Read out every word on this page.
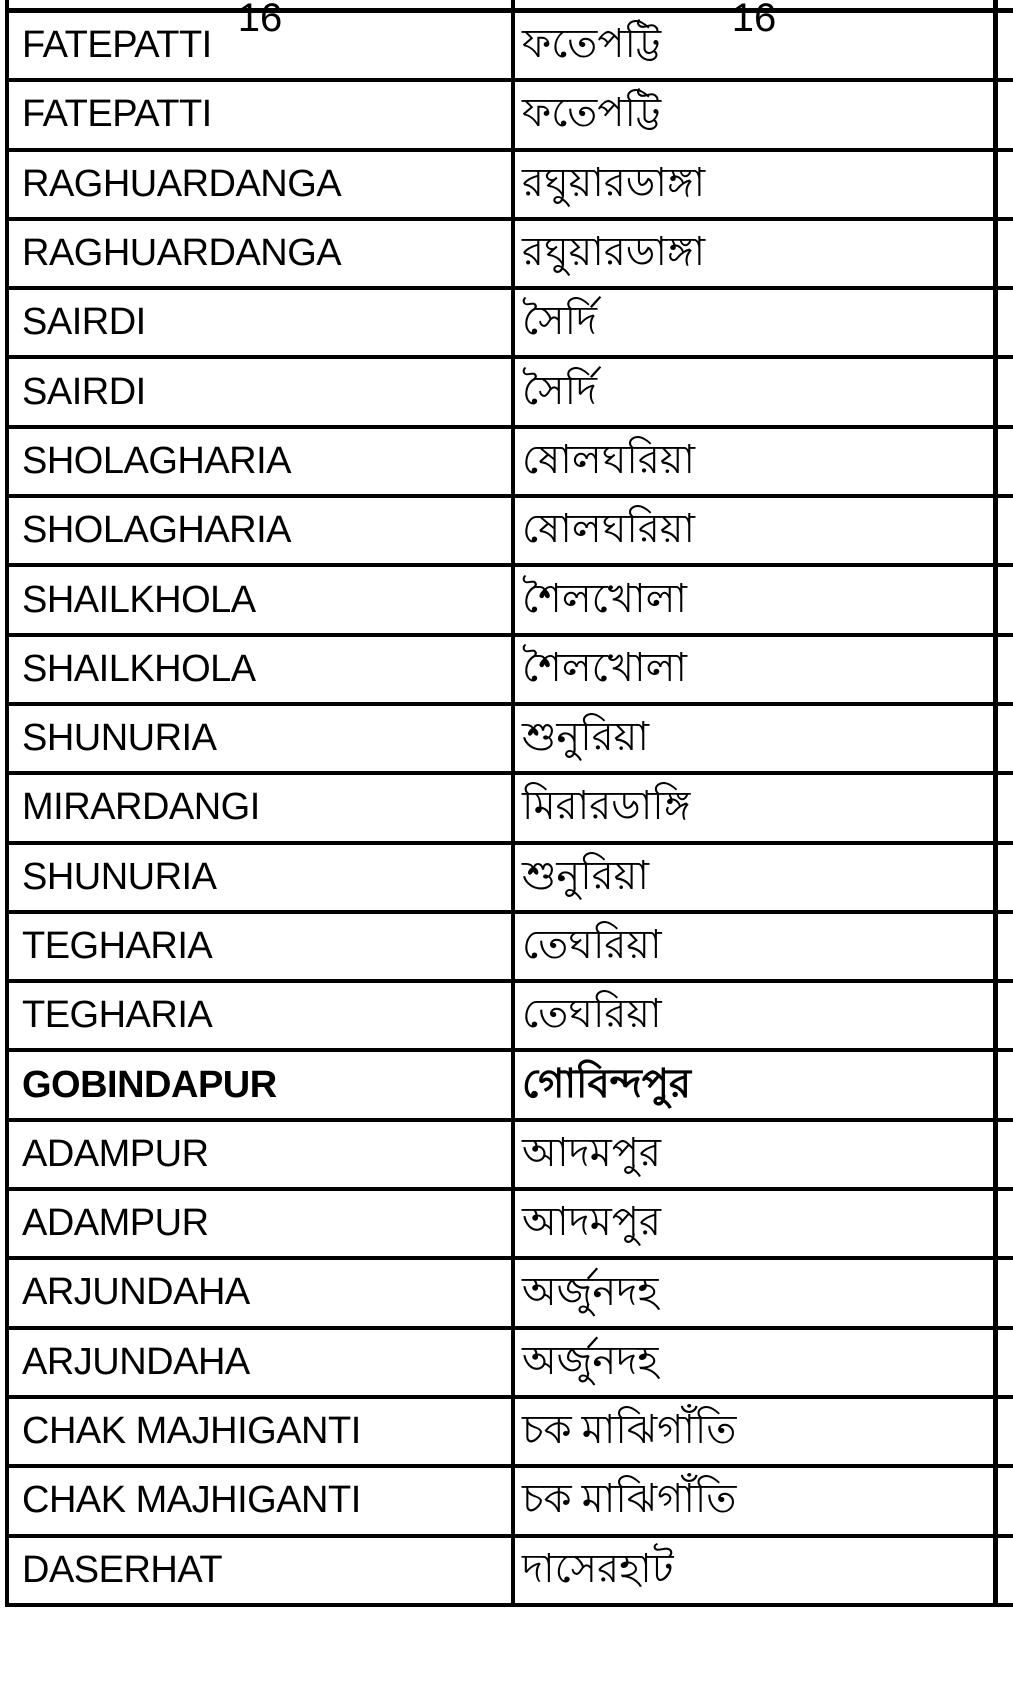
16	16
FATEPATTI	ফতেপট্টি
FATEPATTI	ফতেপট্টি
RAGHUARDANGA	রঘুয়ারডাঙ্গা
RAGHUARDANGA	রঘুয়ারডাঙ্গা
SAIRDI	সৈর্দি
SAIRDI	সৈর্দি
SHOLAGHARIA	ষোলঘরিয়া
SHOLAGHARIA	ষোলঘরিয়া
SHAILKHOLA	শৈলখোলা
SHAILKHOLA	শৈলখোলা
SHUNURIA	শুনুরিয়া
MIRARDANGI	মিরারডাঙ্গি
SHUNURIA	শুনুরিয়া
TEGHARIA	তেঘরিয়া
TEGHARIA	তেঘরিয়া
GOBINDAPUR	গোবিন্দপুর
ADAMPUR	আদমপুর
ADAMPUR	আদমপুর
ARJUNDAHA	অর্জুনদহ
ARJUNDAHA	অর্জুনদহ
CHAK MAJHIGANTI	চক মাঝিগাঁতি
CHAK MAJHIGANTI	চক মাঝিগাঁতি
DASERHAT	দাসেরহাট
